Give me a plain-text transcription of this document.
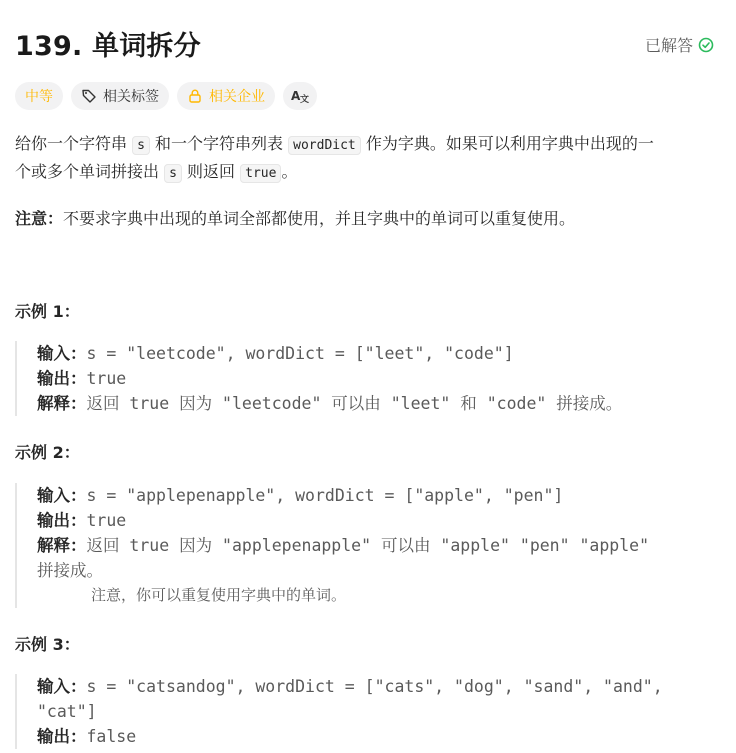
139. 单词拆分	已解答
中等	相关标签	相关企业 A 文

给你一个字符串 s 和一个字符串列表 wordDict 作为字典。如果可以利用字典中出现的一
个或多个单词拼接出 s 则返回 true 。

注意：不要求字典中出现的单词全部都使用，并且字典中的单词可以重复使用。
示例 1：
输入：s = "leetcode", wordDict = ["leet", "code"]
输出：true
解释：返回 true 因为 "leetcode" 可以由 "leet" 和 "code" 拼接成。
示例 2：
输入：s = "applepenapple", wordDict = ["apple", "pen"]
输出：true
解释：返回 true 因为 "applepenapple" 可以由 "apple" "pen" "apple"
拼接成。
注意，你可以重复使用字典中的单词。
示例 3：
输入：s = "catsandog", wordDict = ["cats", "dog", "sand", "and",
"cat"]
输出：false
